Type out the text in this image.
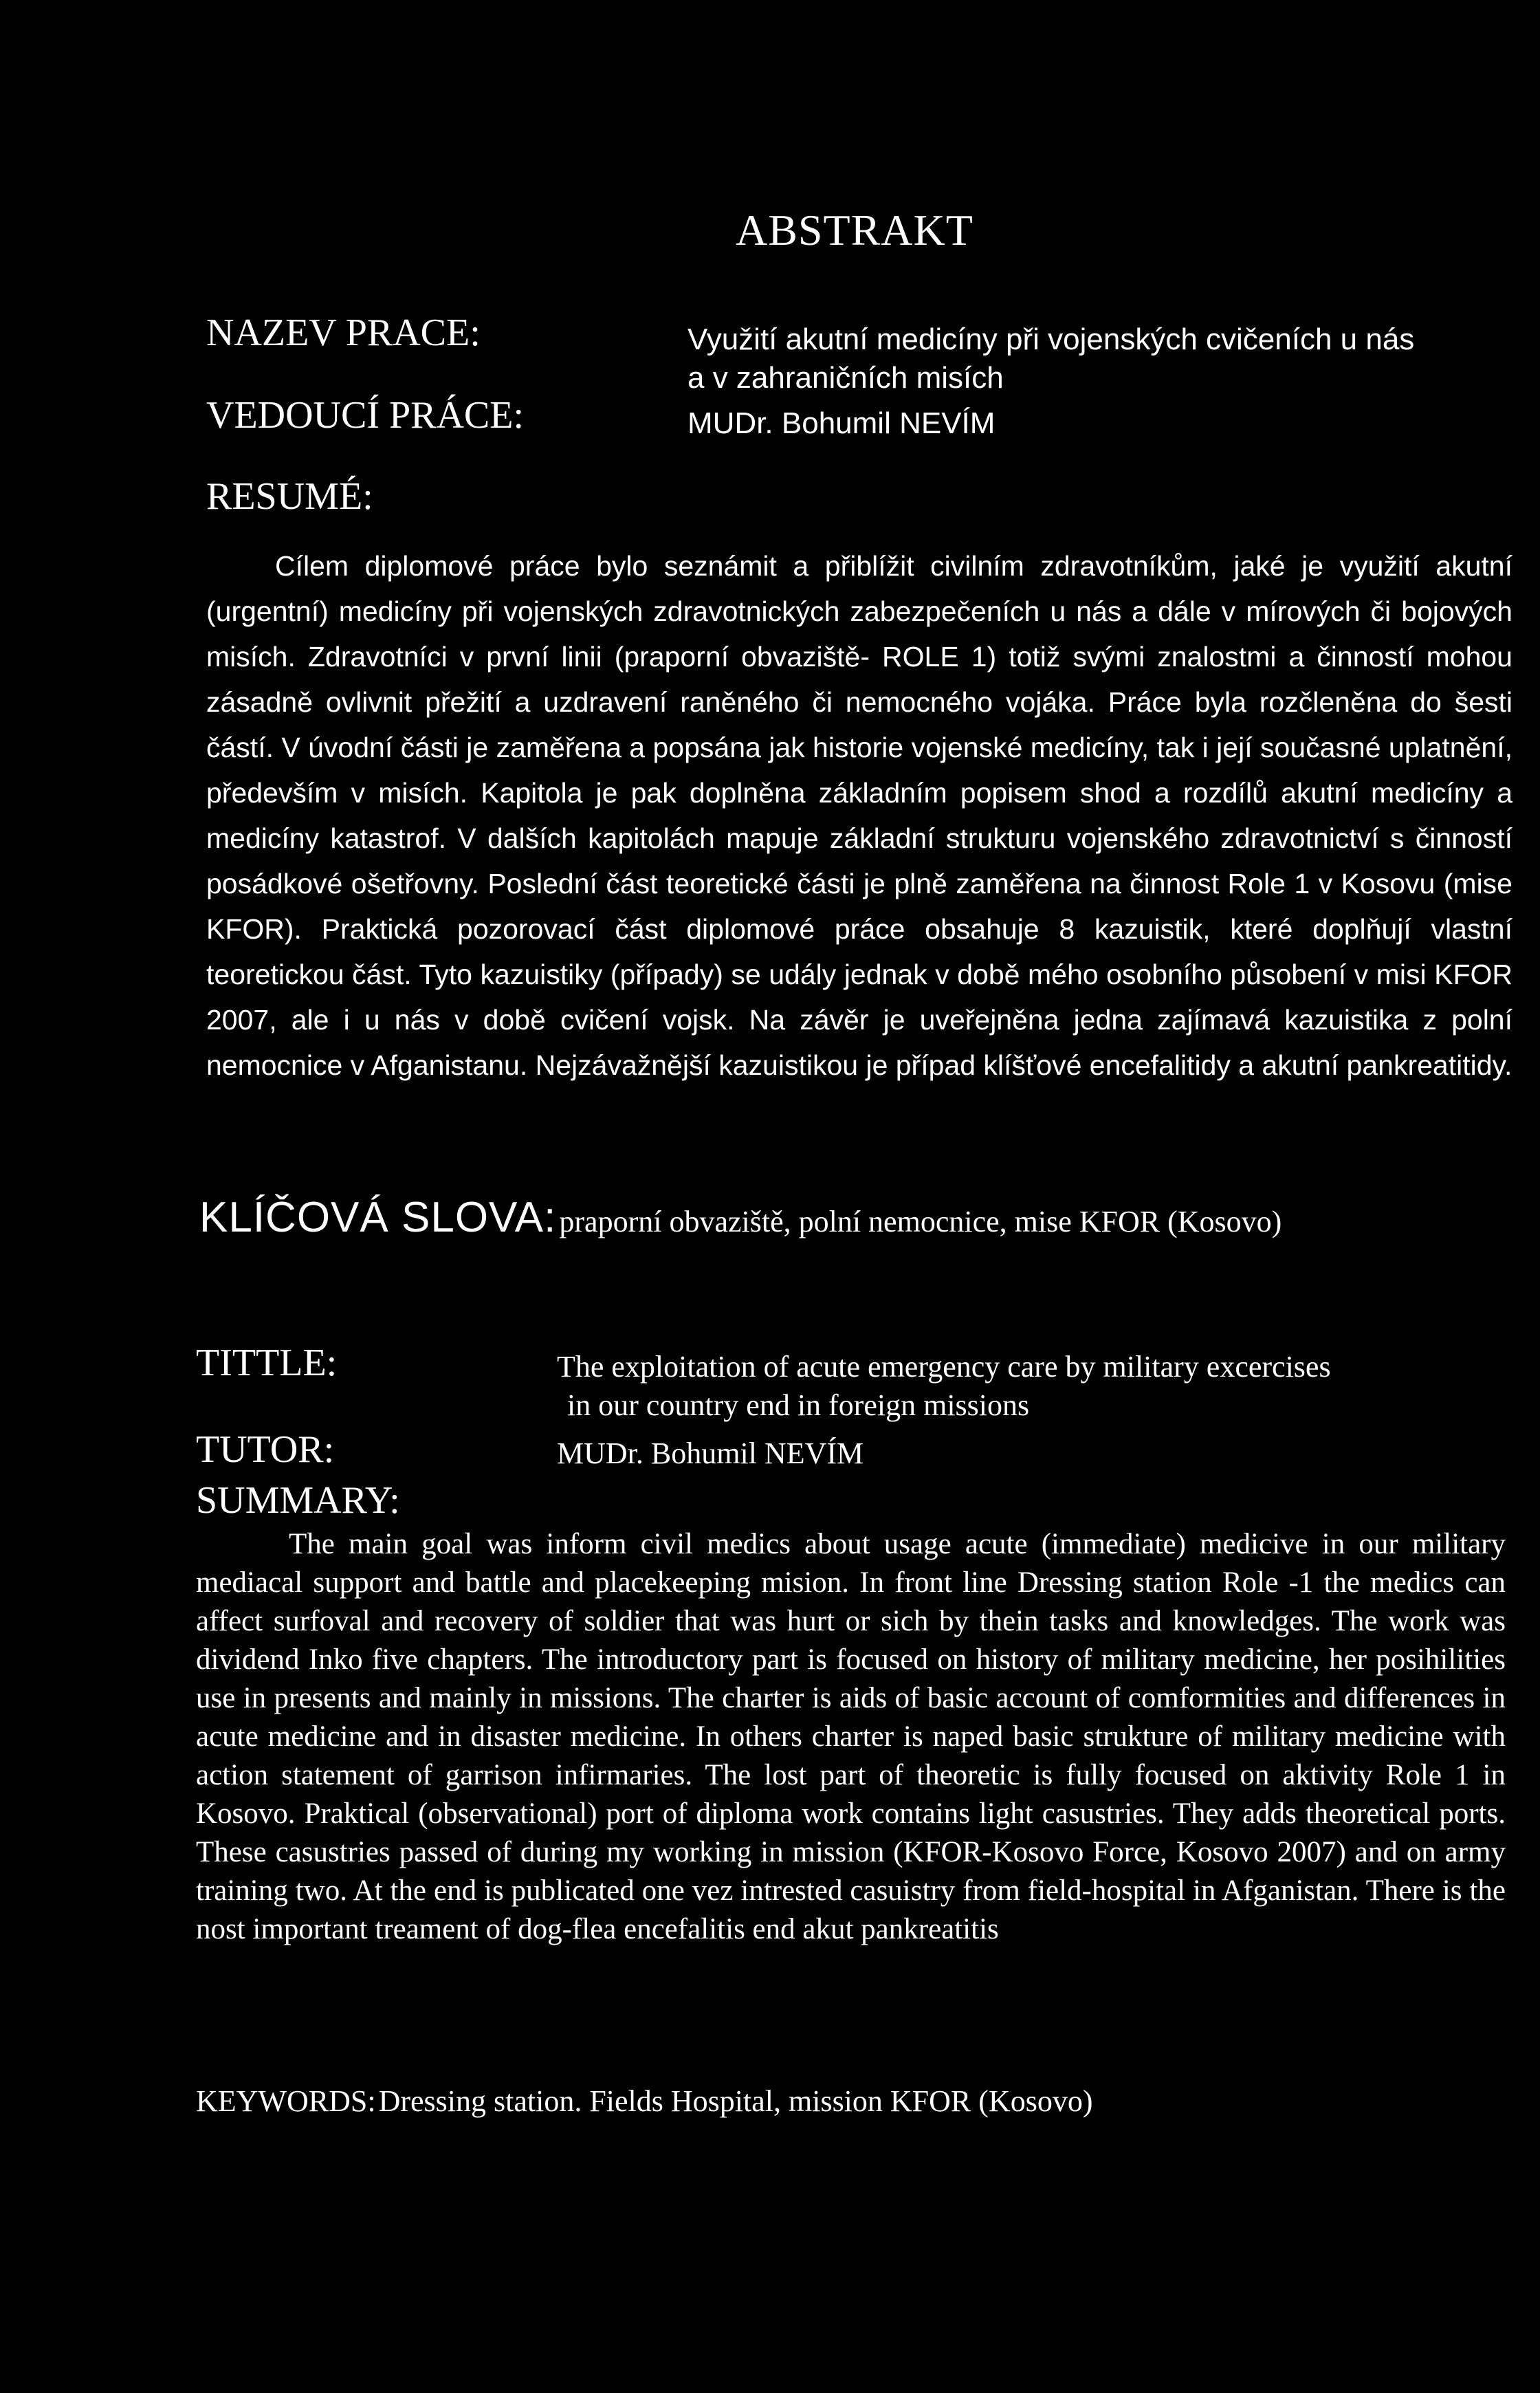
ABSTRAKT
NAZEV PRACE:	Využití akutní medicíny při vojenských cvičeních u nás
a v zahraničních misích
VEDOUCÍ PRÁCE:	MUDr. Bohumil NEVÍM
RESUMÉ:
Cílem diplomové práce bylo seznámit a přiblížit civilním zdravotníkům, jaké je využití akutní (urgentní) medicíny při vojenských zdravotnických zabezpečeních u nás a dále v mírových či bojových misích. Zdravotníci v první linii (praporní obvaziště- ROLE 1) totiž svými znalostmi a činností mohou zásadně ovlivnit přežití a uzdravení raněného či nemocného vojáka. Práce byla rozčleněna do šesti částí. V úvodní části je zaměřena a popsána jak historie vojenské medicíny, tak i její současné uplatnění, především v misích. Kapitola je pak doplněna základním popisem shod a rozdílů akutní medicíny a medicíny katastrof. V dalších kapitolách mapuje základní strukturu vojenského zdravotnictví s činností posádkové ošetřovny. Poslední část teoretické části je plně zaměřena na činnost Role 1 v Kosovu (mise KFOR). Praktická pozorovací část diplomové práce obsahuje 8 kazuistik, které doplňují vlastní teoretickou část. Tyto kazuistiky (případy) se udály jednak v době mého osobního působení v misi KFOR 2007, ale i u nás v době cvičení vojsk. Na závěr je uveřejněna jedna zajímavá kazuistika z polní nemocnice v Afganistanu. Nejzávažnější kazuistikou je případ klíšťové encefalitidy a akutní pankreatitidy.
KLÍČOVÁ SLOVA: praporní obvaziště, polní nemocnice, mise KFOR (Kosovo)
TITTLE:	The exploitation of acute emergency care by military excercises
in our country end in foreign missions
TUTOR:	MUDr. Bohumil NEVÍM
SUMMARY:
The main goal was inform civil medics about usage acute (immediate) medicive in our military mediacal support and battle and placekeeping mision. In front line Dressing station Role -1 the medics can affect surfoval and recovery of soldier that was hurt or sich by thein tasks and knowledges. The work was dividend Inko five chapters. The introductory part is focused on history of military medicine, her posihilities use in presents and mainly in missions. The charter is aids of basic account of comformities and differences in acute medicine and in disaster medicine. In others charter is naped basic strukture of military medicine with action statement of garrison infirmaries. The lost part of theoretic is fully focused on aktivity Role 1 in Kosovo. Praktical (observational) port of diploma work contains light casustries. They adds theoretical ports. These casustries passed of during my working in mission (KFOR-Kosovo Force, Kosovo 2007) and on army training two. At the end is publicated one vez intrested casuistry from field-hospital in Afganistan. There is the nost important treament of dog-flea encefalitis end akut pankreatitis
KEYWORDS: Dressing station. Fields Hospital, mission KFOR (Kosovo)
